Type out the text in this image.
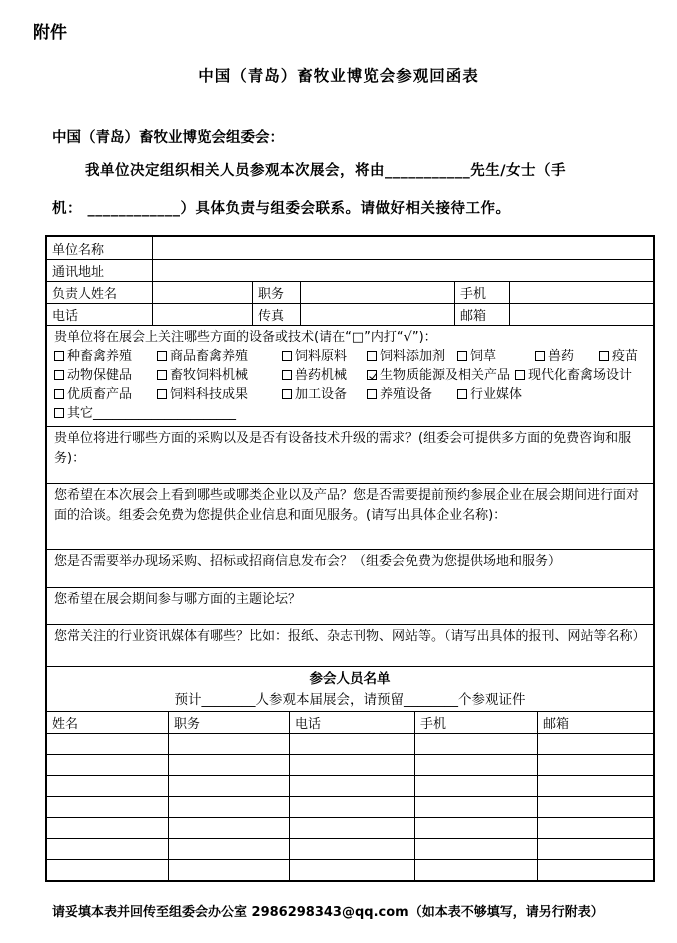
附件
中国（青岛）畜牧业博览会参观回函表
中国（青岛）畜牧业博览会组委会：
我单位决定组织相关人员参观本次展会，将由___________先生/女士（手
机： ____________）具体负责与组委会联系。请做好相关接待工作。
单位名称
通讯地址
负责人姓名	职务	手机
电话	传真	邮箱
贵单位将在展会上关注哪些方面的设备或技术(请在“□”内打“√”)：
种畜禽养殖	商品畜禽养殖	饲料原料	饲料添加剂	饲草	兽药	疫苗
动物保健品	畜牧饲料机械	兽药机械	生物质能源及相关产品	现代化畜禽场设计
优质畜产品	饲料科技成果	加工设备	养殖设备	行业媒体
其它______________________
贵单位将进行哪些方面的采购以及是否有设备技术升级的需求？(组委会可提供多方面的免费咨询和服务)：
您希望在本次展会上看到哪些或哪类企业以及产品？您是否需要提前预约参展企业在展会期间进行面对面的洽谈。组委会免费为您提供企业信息和面见服务。(请写出具体企业名称)：
您是否需要举办现场采购、招标或招商信息发布会？（组委会免费为您提供场地和服务）
您希望在展会期间参与哪方面的主题论坛？
您常关注的行业资讯媒体有哪些？比如：报纸、杂志刊物、网站等。（请写出具体的报刊、网站等名称）
参会人员名单
预计________人参观本届展会，请预留________个参观证件
姓名	职务	电话	手机	邮箱
请妥填本表并回传至组委会办公室 2986298343@qq.com（如本表不够填写，请另行附表）
